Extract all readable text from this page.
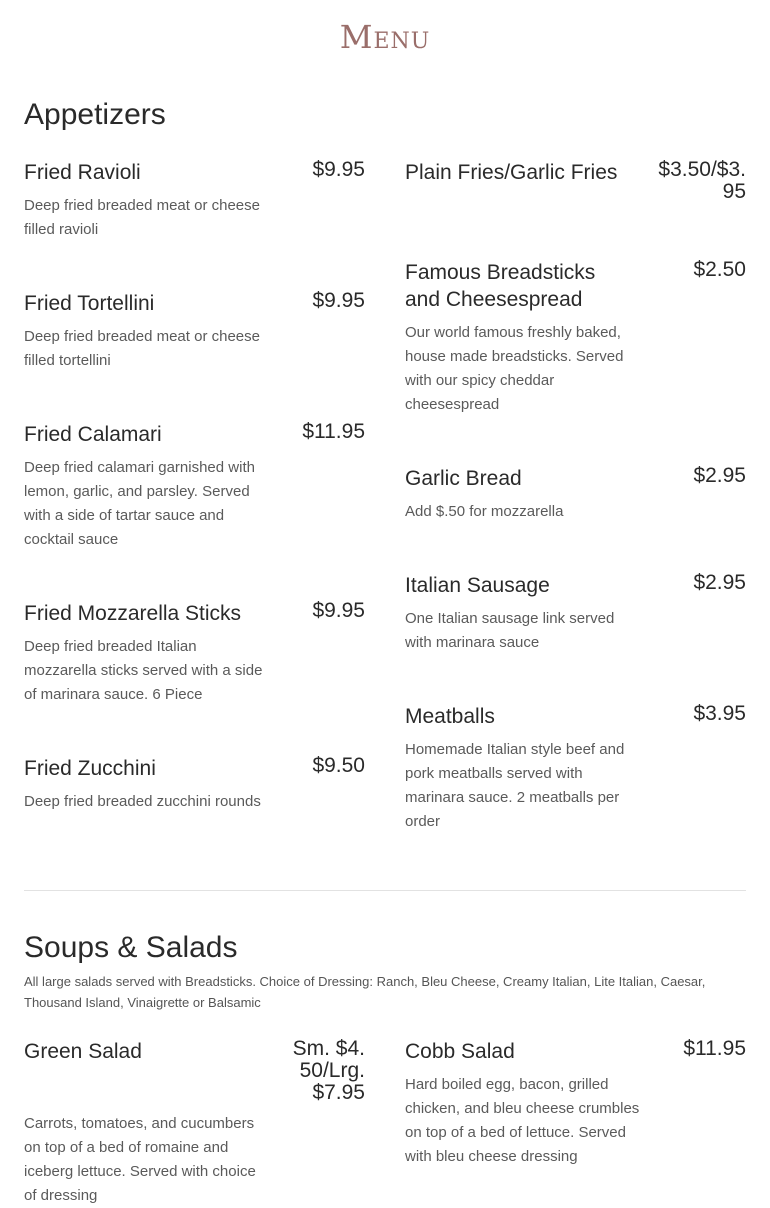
Menu
Appetizers
Fried Ravioli	$9.95

Deep fried breaded meat or cheese filled ravioli

Fried Tortellini	$9.95

Deep fried breaded meat or cheese filled tortellini

Fried Calamari	$11.95

Deep fried calamari garnished with lemon, garlic, and parsley. Served with a side of tartar sauce and cocktail sauce

Fried Mozzarella Sticks	$9.95

Deep fried breaded Italian mozzarella sticks served with a side of marinara sauce. 6 Piece

Fried Zucchini	$9.50

Deep fried breaded zucchini rounds

Plain Fries/Garlic Fries	$3.50/$3.95

Famous Breadsticks and Cheesespread

$2.50

Our world famous freshly baked, house made breadsticks. Served with our spicy cheddar cheesespread

Garlic Bread	$2.95

Add $.50 for mozzarella

Italian Sausage	$2.95

One Italian sausage link served with marinara sauce

Meatballs	$3.95

Homemade Italian style beef and pork meatballs served with marinara sauce. 2 meatballs per order

Soups & Salads

All large salads served with Breadsticks. Choice of Dressing: Ranch, Bleu Cheese, Creamy Italian, Lite Italian, Caesar, Thousand Island, Vinaigrette or Balsamic

Green Salad	Sm. $4.50/Lrg. $7.95

Carrots, tomatoes, and cucumbers on top of a bed of romaine and iceberg lettuce. Served with choice of dressing

Cobb Salad	$11.95

Hard boiled egg, bacon, grilled chicken, and bleu cheese crumbles on top of a bed of lettuce. Served with bleu cheese dressing
